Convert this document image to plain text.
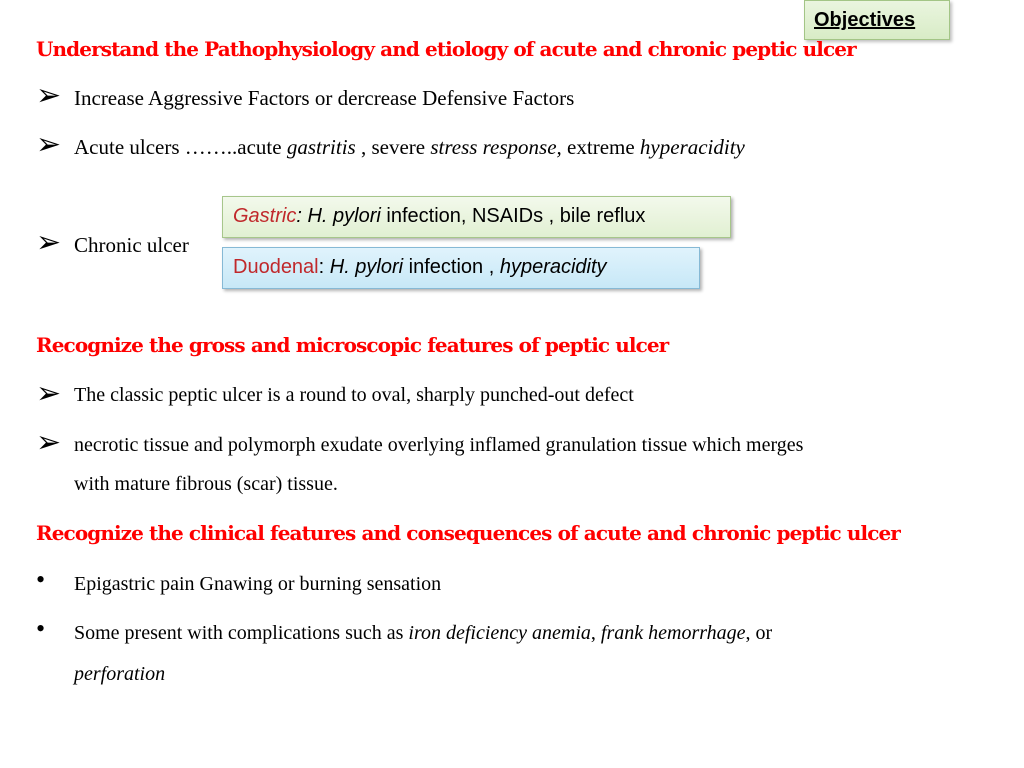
Objectives
Understand the Pathophysiology and etiology of acute and chronic peptic ulcer
➢ Increase Aggressive Factors or dercrease Defensive Factors
➢ Acute ulcers ……..acute gastritis , severe stress response, extreme hyperacidity
➢ Chronic ulcer
Gastric: H. pylori infection, NSAIDs , bile reflux
Duodenal: H. pylori infection , hyperacidity
Recognize the gross and microscopic features of peptic ulcer
➢ The classic peptic ulcer is a round to oval, sharply punched-out defect
➢ necrotic tissue and polymorph exudate overlying inflamed granulation tissue which merges
with mature fibrous (scar) tissue.
Recognize the clinical features and consequences of acute and chronic peptic ulcer
• Epigastric pain Gnawing or burning sensation
• Some present with complications such as iron deficiency anemia, frank hemorrhage, or
perforation
